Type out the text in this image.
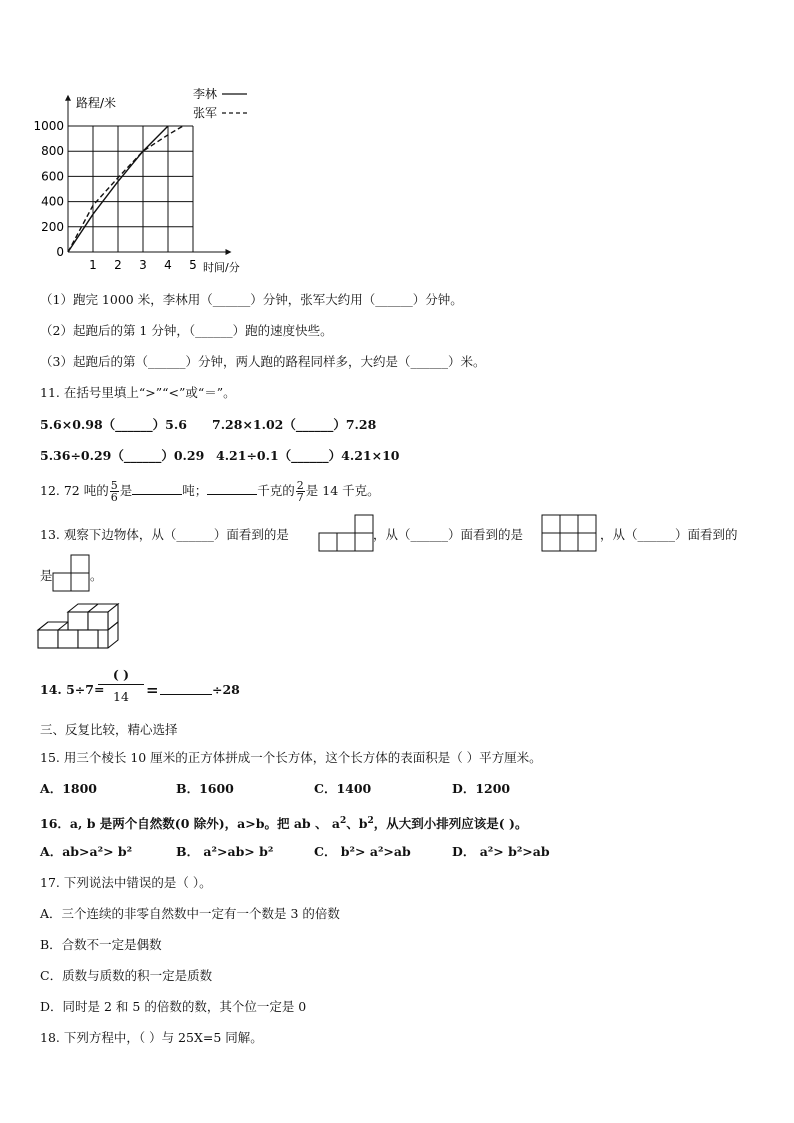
0
200
400
600
800
1000
1 2 3 4 5
路程/米
时间/分
李林
张军
（1）跑完 1000 米，李林用（______）分钟，张军大约用（______）分钟。
（2）起跑后的第 1 分钟，（______）跑的速度快些。
（3）起跑后的第（______）分钟，两人跑的路程同样多，大约是（______）米。
11. 在括号里填上“>”“<”或“＝”。
5.6×0.98（______）5.6 7.28×1.02（______）7.28
5.36÷0.29（______）0.29 4.21÷0.1（______）4.21×10
12. 72 吨的 $\frac{5}{6}$ 是	吨；	千克的 $\frac{2}{7}$ 是 14 千克。
13. 观察下边物体，从（______）面看到的是	，从（______）面看到的是	，从（______）面看到的
是	。
14. 5÷7=
( )
14	=	÷28
三、反复比较，精心选择
15. 用三个棱长 10 厘米的正方体拼成一个长方体，这个长方体的表面积是（ ）平方厘米。
A．1800	B．1600	C．1400	D．1200
16．a, b 是两个自然数(0 除外)，a>b。把 ab 、 $a^2$、$b^2$，从大到小排列应该是( )。
A．ab>a²> b²	B． a²>ab> b²	C． b²> a²>ab	D． a²> b²>ab
17. 下列说法中错误的是（ ）。
A．三个连续的非零自然数中一定有一个数是 3 的倍数
B．合数不一定是偶数
C．质数与质数的积一定是质数
D．同时是 2 和 5 的倍数的数，其个位一定是 0
18. 下列方程中，（ ）与 25X=5 同解。
